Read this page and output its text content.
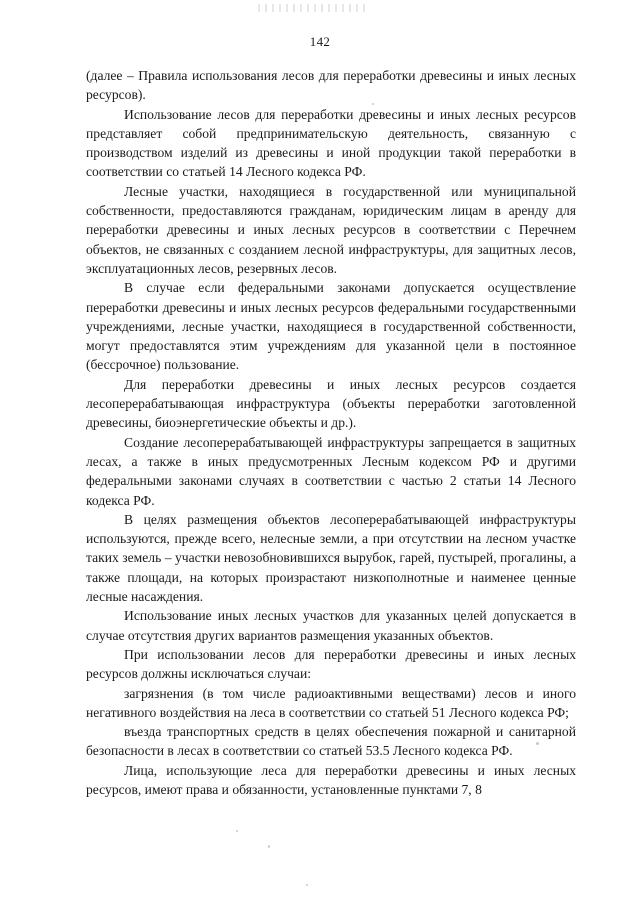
142

(далее – Правила использования лесов для переработки древесины и иных лесных ресурсов).

Использование лесов для переработки древесины и иных лесных ресурсов представляет собой предпринимательскую деятельность, связанную с производством изделий из древесины и иной продукции такой переработки в соответствии со статьей 14 Лесного кодекса РФ.

Лесные участки, находящиеся в государственной или муниципальной собственности, предоставляются гражданам, юридическим лицам в аренду для переработки древесины и иных лесных ресурсов в соответствии с Перечнем объектов, не связанных с созданием лесной инфраструктуры, для защитных лесов, эксплуатационных лесов, резервных лесов.

В случае если федеральными законами допускается осуществление переработки древесины и иных лесных ресурсов федеральными государственными учреждениями, лесные участки, находящиеся в государственной собственности, могут предоставлятся этим учреждениям для указанной цели в постоянное (бессрочное) пользование.

Для переработки древесины и иных лесных ресурсов создается лесоперерабатывающая инфраструктура (объекты переработки заготовленной древесины, биоэнергетические объекты и др.).

Создание лесоперерабатывающей инфраструктуры запрещается в защитных лесах, а также в иных предусмотренных Лесным кодексом РФ и другими федеральными законами случаях в соответствии с частью 2 статьи 14 Лесного кодекса РФ.

В целях размещения объектов лесоперерабатывающей инфраструктуры используются, прежде всего, нелесные земли, а при отсутствии на лесном участке таких земель – участки невозобновившихся вырубок, гарей, пустырей, прогалины, а также площади, на которых произрастают низкополнотные и наименее ценные лесные насаждения.

Использование иных лесных участков для указанных целей допускается в случае отсутствия других вариантов размещения указанных объектов.

При использовании лесов для переработки древесины и иных лесных ресурсов должны исключаться случаи:

загрязнения (в том числе радиоактивными веществами) лесов и иного негативного воздействия на леса в соответствии со статьей 51 Лесного кодекса РФ;

въезда транспортных средств в целях обеспечения пожарной и санитарной безопасности в лесах в соответствии со статьей 53.5 Лесного кодекса РФ.

Лица, использующие леса для переработки древесины и иных лесных ресурсов, имеют права и обязанности, установленные пунктами 7, 8
